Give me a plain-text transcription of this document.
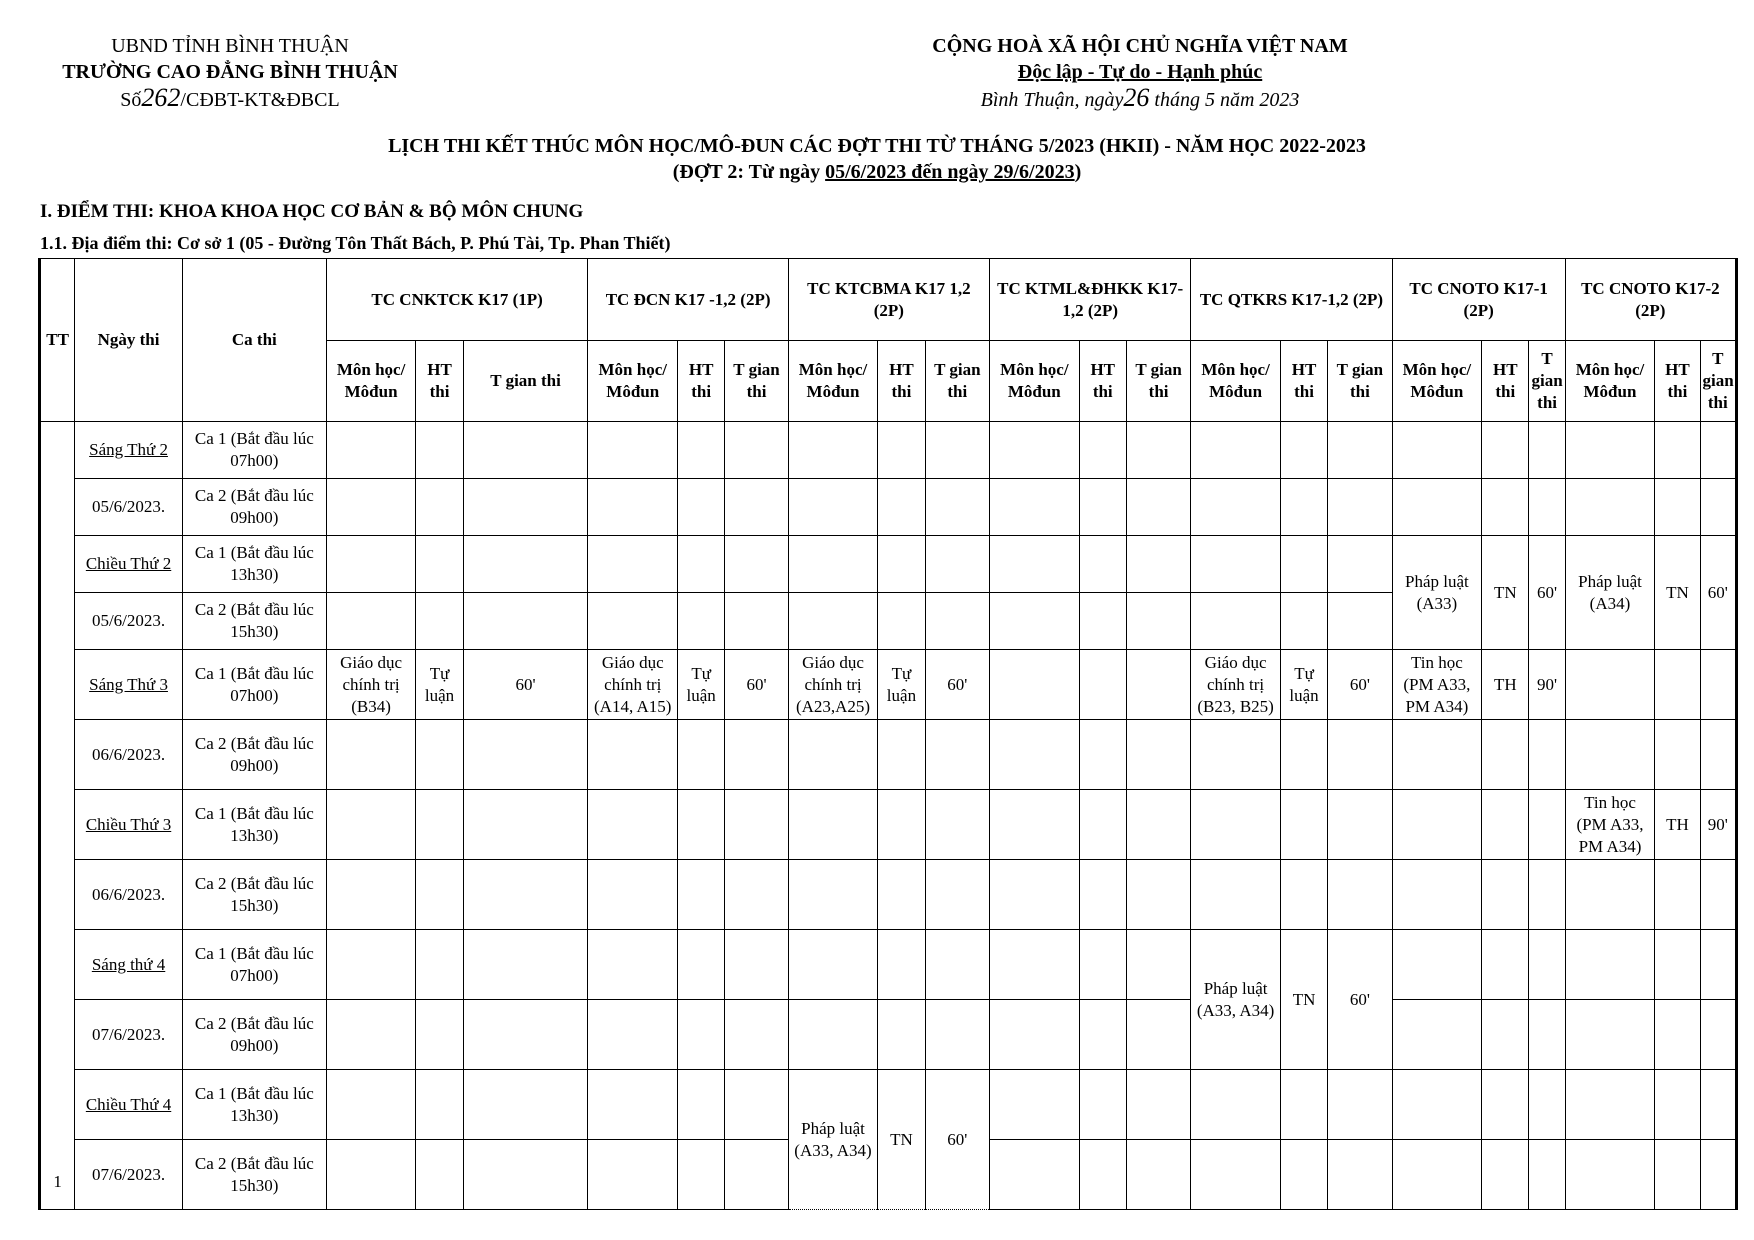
UBND TỈNH BÌNH THUẬN
TRƯỜNG CAO ĐẲNG BÌNH THUẬN
Số262/CĐBT-KT&ĐBCL
CỘNG HOÀ XÃ HỘI CHỦ NGHĨA VIỆT NAM
Độc lập - Tự do - Hạnh phúc
Bình Thuận, ngày26 tháng 5 năm 2023
LỊCH THI KẾT THÚC MÔN HỌC/MÔ-ĐUN CÁC ĐỢT THI TỪ THÁNG 5/2023 (HKII) - NĂM HỌC 2022-2023
(ĐỢT 2: Từ ngày 05/6/2023 đến ngày 29/6/2023)
I. ĐIỂM THI: KHOA KHOA HỌC CƠ BẢN & BỘ MÔN CHUNG
1.1. Địa điểm thi: Cơ sở 1 (05 - Đường Tôn Thất Bách, P. Phú Tài, Tp. Phan Thiết)
TT	Ngày thi	Ca thi	TC CNKTCK K17 (1P)			TC ĐCN K17 -1,2 (2P)			TC KTCBMA K17 1,2 (2P)			TC KTML&ĐHKK K17-1,2 (2P)			TC QTKRS K17-1,2 (2P)			TC CNOTO K17-1 (2P)			TC CNOTO K17-2 (2P)		
			Môn học/ Môđun	HT thi	T gian thi	Môn học/ Môđun	HT thi	T gian thi	Môn học/ Môđun	HT thi	T gian thi	Môn học/ Môđun	HT thi	T gian thi	Môn học/ Môđun	HT thi	T gian thi	Môn học/ Môđun	HT thi	T gian thi	Môn học/ Môđun	HT thi	T gian thi
1	Sáng Thứ 2	Ca 1 (Bắt đầu lúc 07h00)																					
	05/6/2023.	Ca 2 (Bắt đầu lúc 09h00)																					
	Chiều Thứ 2	Ca 1 (Bắt đầu lúc 13h30)																Pháp luật (A33)	TN	60'	Pháp luật (A34)	TN	60'
	05/6/2023.	Ca 2 (Bắt đầu lúc 15h30)																					
	Sáng Thứ 3	Ca 1 (Bắt đầu lúc 07h00)	Giáo dục chính trị (B34)	Tự luận	60'	Giáo dục chính trị (A14, A15)	Tự luận	60'	Giáo dục chính trị (A23,A25)	Tự luận	60'				Giáo dục chính trị (B23, B25)	Tự luận	60'	Tin học (PM A33, PM A34)	TH	90'			
	06/6/2023.	Ca 2 (Bắt đầu lúc 09h00)																					
	Chiều Thứ 3	Ca 1 (Bắt đầu lúc 13h30)																			Tin học (PM A33, PM A34)	TH	90'
	06/6/2023.	Ca 2 (Bắt đầu lúc 15h30)																					
	Sáng thứ 4	Ca 1 (Bắt đầu lúc 07h00)													Pháp luật (A33, A34)	TN	60'						
	07/6/2023.	Ca 2 (Bắt đầu lúc 09h00)																					
	Chiều Thứ 4	Ca 1 (Bắt đầu lúc 13h30)							Pháp luật (A33, A34)	TN	60'												
	07/6/2023.	Ca 2 (Bắt đầu lúc 15h30)																					
